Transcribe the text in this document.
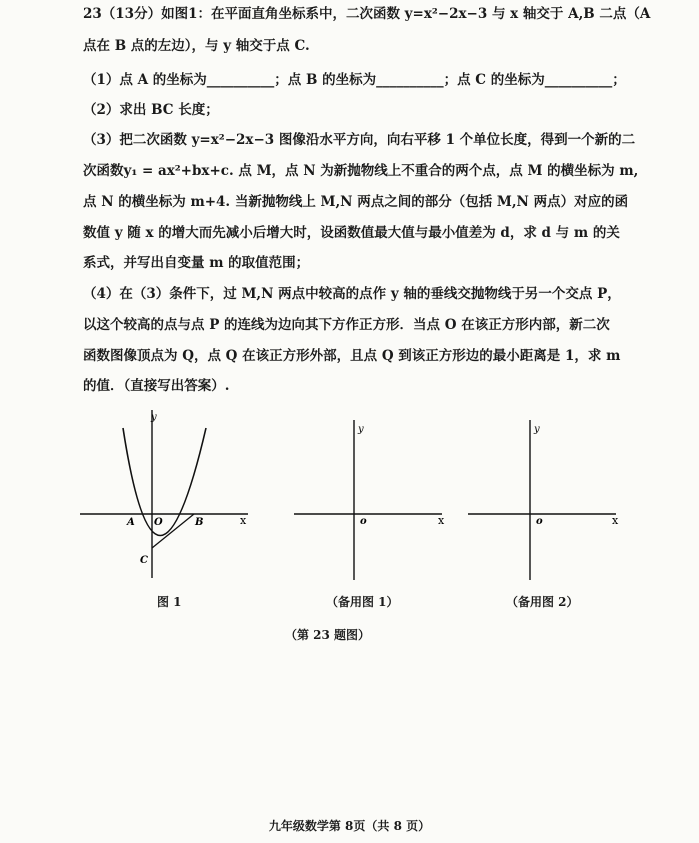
23（13分）如图1：在平面直角坐标系中，二次函数 y=x²−2x−3 与 x 轴交于 A,B 二点（A
点在 B 点的左边），与 y 轴交于点 C.
（1）点 A 的坐标为__________；点 B 的坐标为__________；点 C 的坐标为__________；
（2）求出 BC 长度；
（3）把二次函数 y=x²−2x−3 图像沿水平方向，向右平移 1 个单位长度，得到一个新的二
次函数y₁ = ax²+bx+c. 点 M，点 N 为新抛物线上不重合的两个点，点 M 的横坐标为 m,
点 N 的横坐标为 m+4. 当新抛物线上 M,N 两点之间的部分（包括 M,N 两点）对应的函
数值 y 随 x 的增大而先减小后增大时，设函数值最大值与最小值差为 d，求 d 与 m 的关
系式，并写出自变量 m 的取值范围；
（4）在（3）条件下，过 M,N 两点中较高的点作 y 轴的垂线交抛物线于另一个交点 P，
以这个较高的点与点 P 的连线为边向其下方作正方形．当点 O 在该正方形内部，新二次
函数图像顶点为 Q，点 Q 在该正方形外部，且点 Q 到该正方形边的最小距离是 1，求 m
的值．（直接写出答案）.
y
x
A O	B
C
y
x
o
y
x
o
图 1	（备用图 1）	（备用图 2）
（第 23 题图）
九年级数学第 8页（共 8 页）
